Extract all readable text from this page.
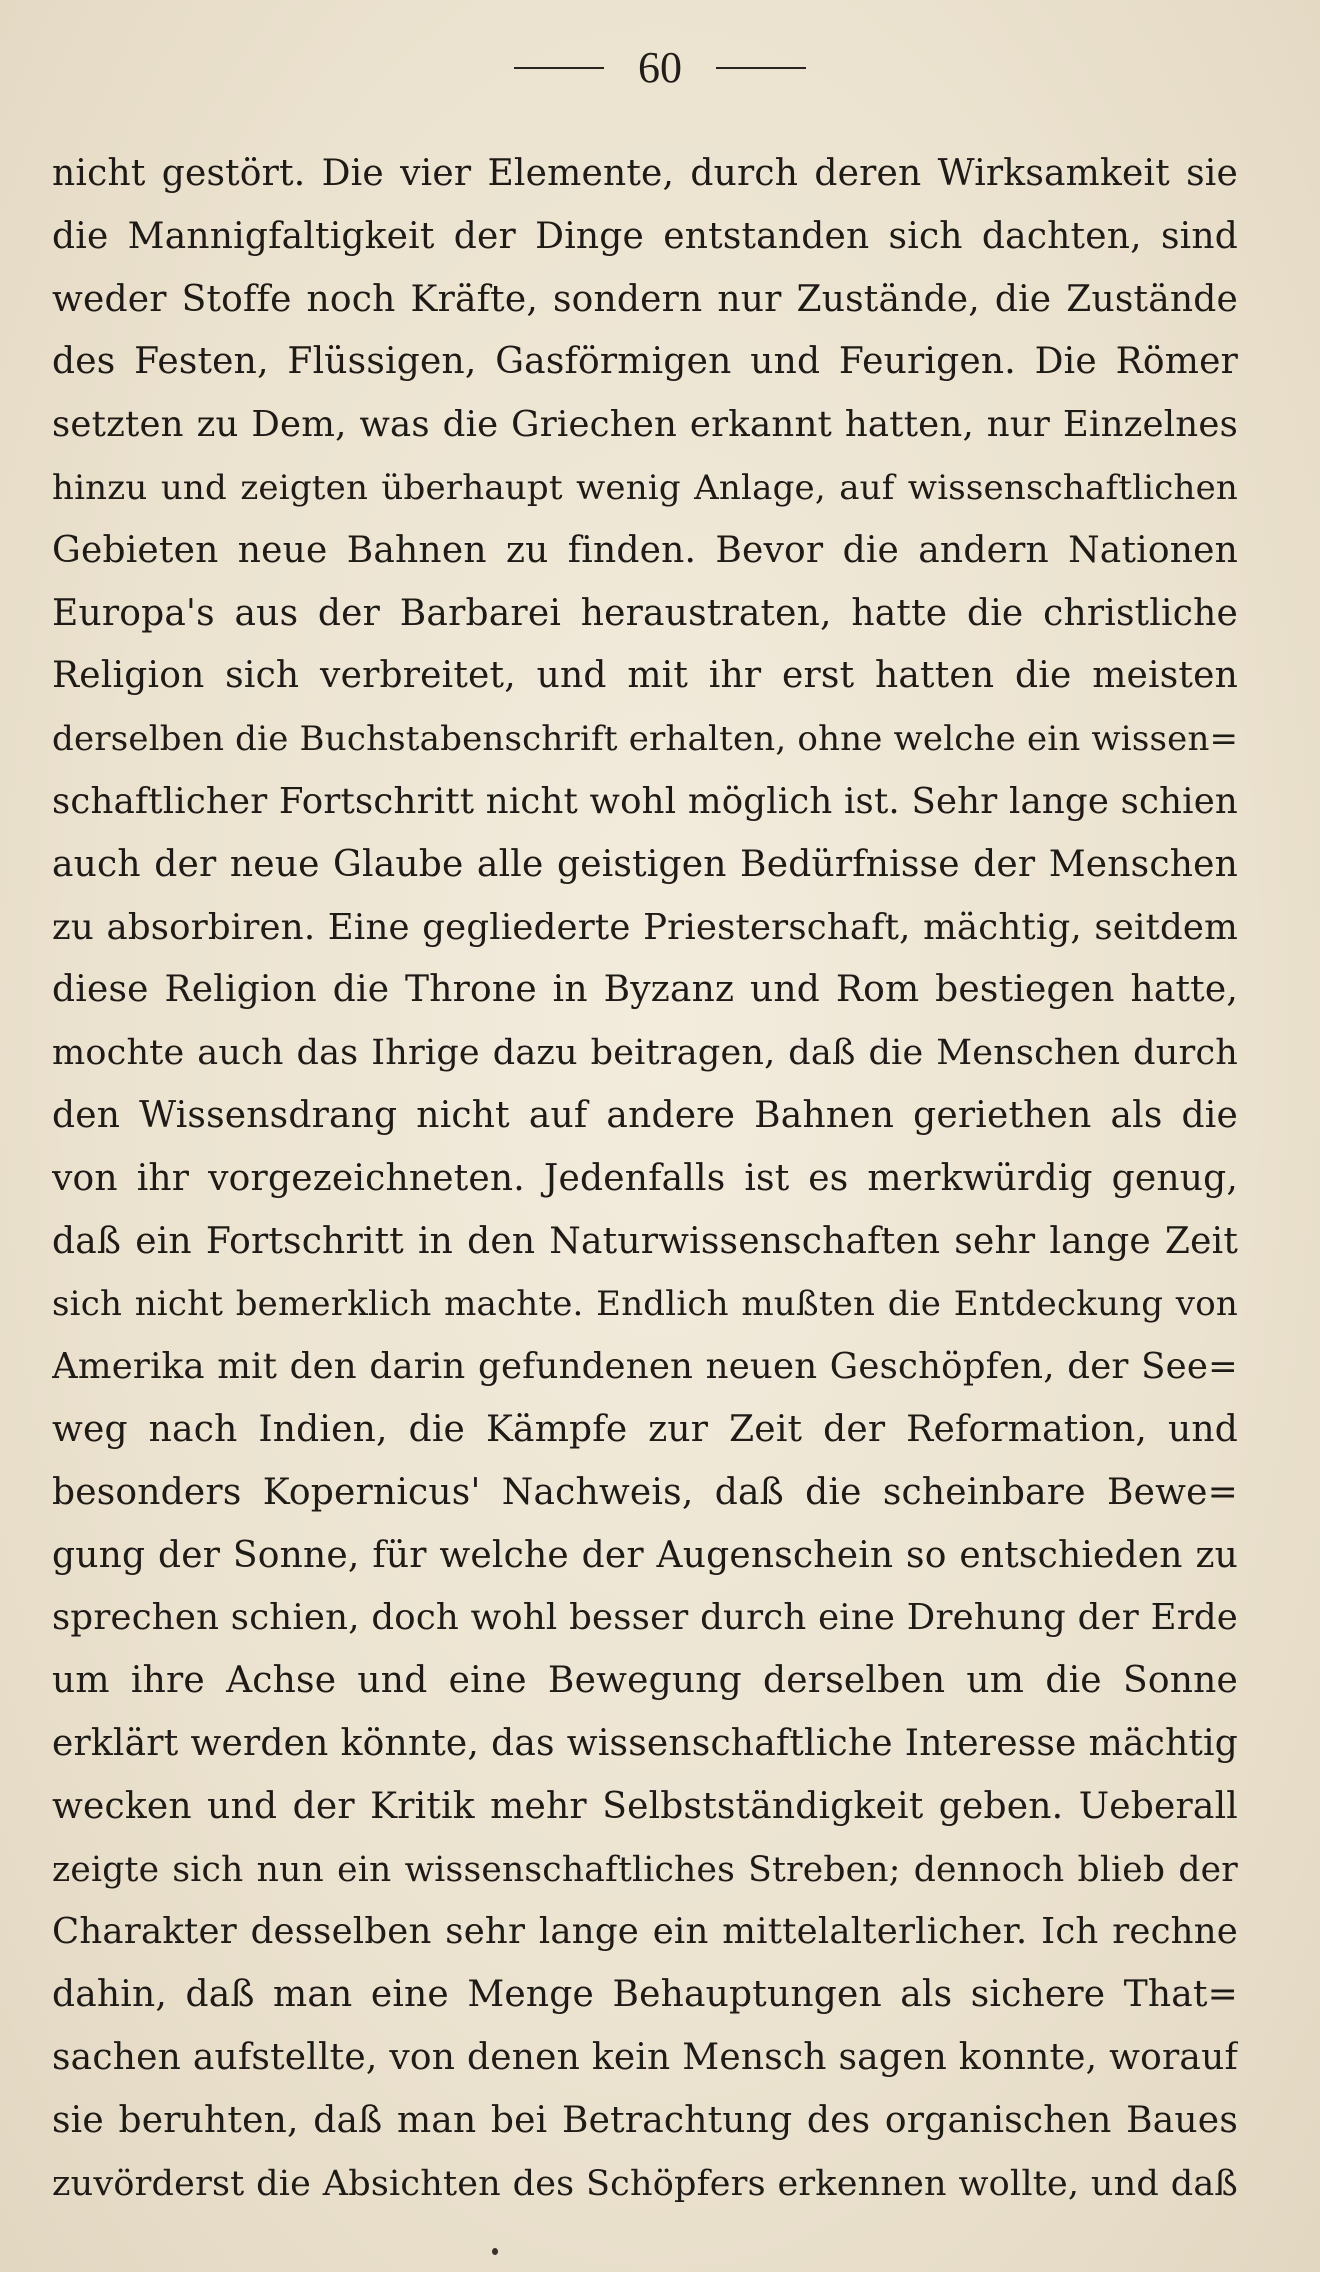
60
nicht gestört. Die vier Elemente, durch deren Wirksamkeit sie
die Mannigfaltigkeit der Dinge entstanden sich dachten, sind
weder Stoffe noch Kräfte, sondern nur Zustände, die Zustände
des Festen, Flüssigen, Gasförmigen und Feurigen. Die Römer
setzten zu Dem, was die Griechen erkannt hatten, nur Einzelnes
hinzu und zeigten überhaupt wenig Anlage, auf wissenschaftlichen
Gebieten neue Bahnen zu finden. Bevor die andern Nationen
Europa's aus der Barbarei heraustraten, hatte die christliche
Religion sich verbreitet, und mit ihr erst hatten die meisten
derselben die Buchstabenschrift erhalten, ohne welche ein wissen=
schaftlicher Fortschritt nicht wohl möglich ist. Sehr lange schien
auch der neue Glaube alle geistigen Bedürfnisse der Menschen
zu absorbiren. Eine gegliederte Priesterschaft, mächtig, seitdem
diese Religion die Throne in Byzanz und Rom bestiegen hatte,
mochte auch das Ihrige dazu beitragen, daß die Menschen durch
den Wissensdrang nicht auf andere Bahnen geriethen als die
von ihr vorgezeichneten. Jedenfalls ist es merkwürdig genug,
daß ein Fortschritt in den Naturwissenschaften sehr lange Zeit
sich nicht bemerklich machte. Endlich mußten die Entdeckung von
Amerika mit den darin gefundenen neuen Geschöpfen, der See=
weg nach Indien, die Kämpfe zur Zeit der Reformation, und
besonders Kopernicus' Nachweis, daß die scheinbare Bewe=
gung der Sonne, für welche der Augenschein so entschieden zu
sprechen schien, doch wohl besser durch eine Drehung der Erde
um ihre Achse und eine Bewegung derselben um die Sonne
erklärt werden könnte, das wissenschaftliche Interesse mächtig
wecken und der Kritik mehr Selbstständigkeit geben. Ueberall
zeigte sich nun ein wissenschaftliches Streben; dennoch blieb der
Charakter desselben sehr lange ein mittelalterlicher. Ich rechne
dahin, daß man eine Menge Behauptungen als sichere That=
sachen aufstellte, von denen kein Mensch sagen konnte, worauf
sie beruhten, daß man bei Betrachtung des organischen Baues
zuvörderst die Absichten des Schöpfers erkennen wollte, und daß
